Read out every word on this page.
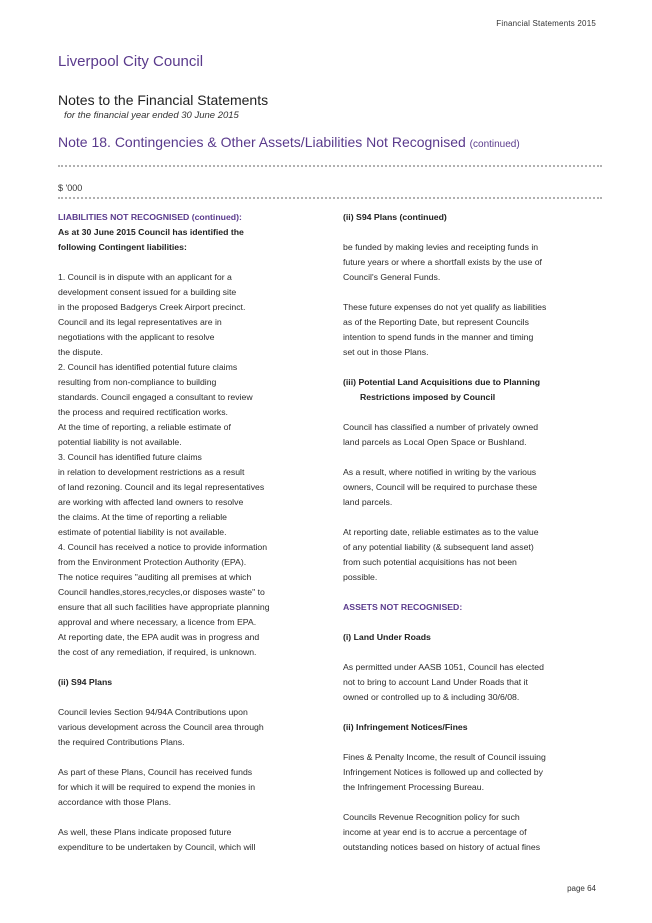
Financial Statements 2015
Liverpool City Council
Notes to the Financial Statements
for the financial year ended 30 June 2015
Note 18. Contingencies & Other Assets/Liabilities Not Recognised (continued)
$ '000

LIABILITIES NOT RECOGNISED (continued):

As at 30 June 2015 Council has identified the

following Contingent liabilities:

1. Council is in dispute with an applicant for a

development consent issued for a building site

in the proposed Badgerys Creek Airport precinct.

Council and its legal representatives are in

negotiations with the applicant to resolve

the dispute.

2. Council has identified potential future claims

resulting from non-compliance to building

standards. Council engaged a consultant to review

the process and required rectification works.

At the time of reporting, a reliable estimate of

potential liability is not available.

3. Council has identified future claims

in relation to development restrictions as a result

of land rezoning. Council and its legal representatives

are working with affected land owners to resolve

the claims. At the time of reporting a reliable

estimate of potential liability is not available.

4. Council has received a notice to provide information

from the Environment Protection Authority (EPA).

The notice requires "auditing all premises at which

Council handles,stores,recycles,or disposes waste" to

ensure that all such facilities have appropriate planning

approval and where necessary, a licence from EPA.

At reporting date, the EPA audit was in progress and

the cost of any remediation, if required, is unknown.

(ii) S94 Plans

Council levies Section 94/94A Contributions upon

various development across the Council area through

the required Contributions Plans.

As part of these Plans, Council has received funds

for which it will be required to expend the monies in

accordance with those Plans.

As well, these Plans indicate proposed future

expenditure to be undertaken by Council, which will

(ii) S94 Plans (continued)

be funded by making levies and receipting funds in

future years or where a shortfall exists by the use of

Council's General Funds.

These future expenses do not yet qualify as liabilities

as of the Reporting Date, but represent Councils

intention to spend funds in the manner and timing

set out in those Plans.

(iii) Potential Land Acquisitions due to Planning

Restrictions imposed by Council

Council has classified a number of privately owned

land parcels as Local Open Space or Bushland.

As a result, where notified in writing by the various

owners, Council will be required to purchase these

land parcels.

At reporting date, reliable estimates as to the value

of any potential liability (& subsequent land asset)

from such potential acquisitions has not been

possible.

ASSETS NOT RECOGNISED:

(i) Land Under Roads

As permitted under AASB 1051, Council has elected

not to bring to account Land Under Roads that it

owned or controlled up to & including 30/6/08.

(ii) Infringement Notices/Fines

Fines & Penalty Income, the result of Council issuing

Infringement Notices is followed up and collected by

the Infringement Processing Bureau.

Councils Revenue Recognition policy for such

income at year end is to accrue a percentage of

outstanding notices based on history of actual fines

page 64
